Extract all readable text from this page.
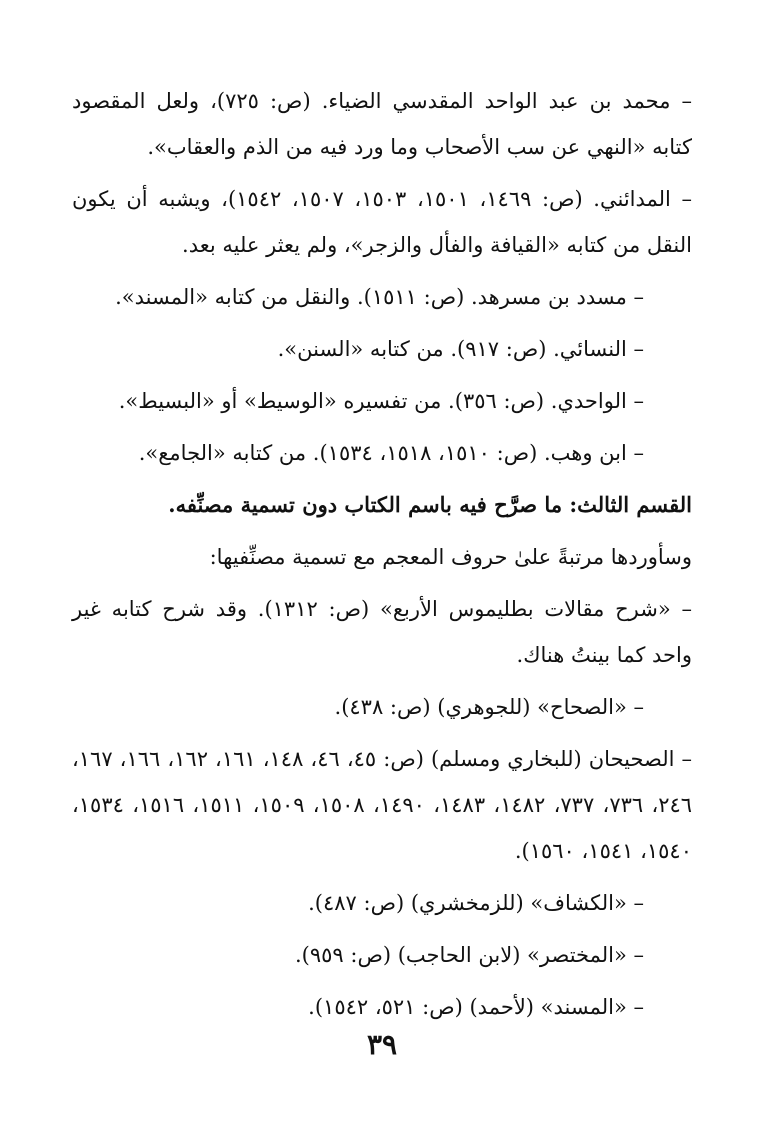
– محمد بن عبد الواحد المقدسي الضياء. (ص: ٧٢٥)، ولعل المقصود كتابه «النهي عن سب الأصحاب وما ورد فيه من الذم والعقاب».

– المدائني. (ص: ١٤٦٩، ١٥٠١، ١٥٠٣، ١٥٠٧، ١٥٤٢)، ويشبه أن يكون النقل من كتابه «القيافة والفأل والزجر»، ولم يعثر عليه بعد.

– مسدد بن مسرهد. (ص: ١٥١١). والنقل من كتابه «المسند».

– النسائي. (ص: ٩١٧). من كتابه «السنن».

– الواحدي. (ص: ٣٥٦). من تفسيره «الوسيط» أو «البسيط».

– ابن وهب. (ص: ١٥١٠، ١٥١٨، ١٥٣٤). من كتابه «الجامع».

القسم الثالث: ما صرَّح فيه باسم الكتاب دون تسمية مصنِّفه.

وسأوردها مرتبةً علىٰ حروف المعجم مع تسمية مصنِّفيها:

– «شرح مقالات بطليموس الأربع» (ص: ١٣١٢). وقد شرح كتابه غير واحد كما بينتُ هناك.

– «الصحاح» (للجوهري) (ص: ٤٣٨).

– الصحيحان (للبخاري ومسلم) (ص: ٤٥، ٤٦، ١٤٨، ١٦١، ١٦٢، ١٦٦، ١٦٧، ٢٤٦، ٧٣٦، ٧٣٧، ١٤٨٢، ١٤٨٣، ١٤٩٠، ١٥٠٨، ١٥٠٩، ١٥١١، ١٥١٦، ١٥٣٤، ١٥٤٠، ١٥٤١، ١٥٦٠).

– «الكشاف» (للزمخشري) (ص: ٤٨٧).

– «المختصر» (لابن الحاجب) (ص: ٩٥٩).

– «المسند» (لأحمد) (ص: ٥٢١، ١٥٤٢).

٣٩
